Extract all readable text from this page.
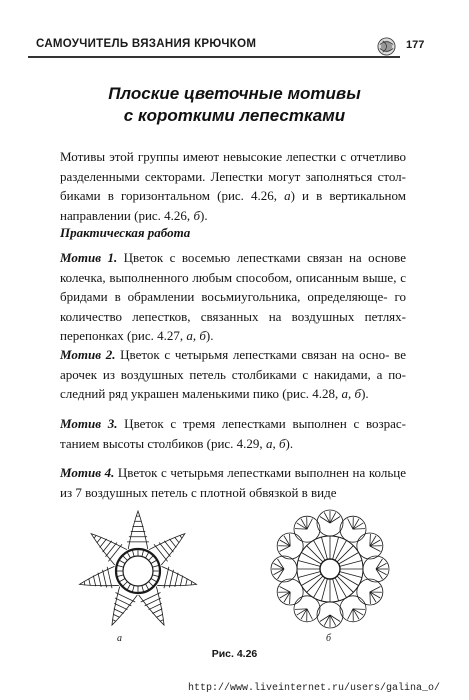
САМОУЧИТЕЛЬ ВЯЗАНИЯ КРЮЧКОМ	177
Плоские цветочные мотивы
с короткими лепестками
Мотивы этой группы имеют невысокие лепестки с отчетливо разделенными секторами. Лепестки могут заполняться стол- биками в горизонтальном (рис. 4.26, а) и в вертикальном направлении (рис. 4.26, б).
Практическая работа
Мотив 1. Цветок с восемью лепестками связан на основе колечка, выполненного любым способом, описанным выше, с бридами в обрамлении восьмиугольника, определяюще- го количество лепестков, связанных на воздушных петлях- перепонках (рис. 4.27, а, б).
Мотив 2. Цветок с четырьмя лепестками связан на осно- ве арочек из воздушных петель столбиками с накидами, а по- следний ряд украшен маленькими пико (рис. 4.28, а, б).
Мотив 3. Цветок с тремя лепестками выполнен с возрас- танием высоты столбиков (рис. 4.29, а, б).
Мотив 4. Цветок с четырьмя лепестками выполнен на кольце из 7 воздушных петель с плотной обвязкой в виде
а	б
Рис. 4.26
http://www.liveinternet.ru/users/galina_o/
